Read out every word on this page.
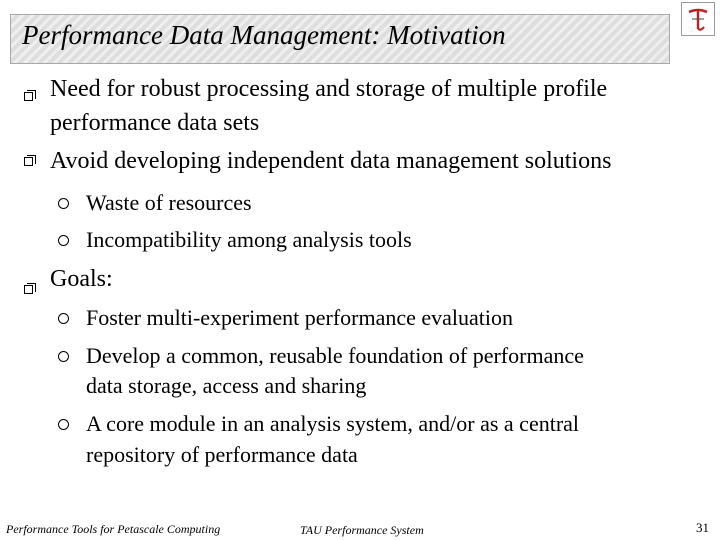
Performance Data Management: Motivation
Need for robust processing and storage of multiple profile
performance data sets
Avoid developing independent data management solutions
Waste of resources
Incompatibility among analysis tools
Goals:
Foster multi-experiment performance evaluation
Develop a common, reusable foundation of performance
data storage, access and sharing
A core module in an analysis system, and/or as a central
repository of performance data
Performance Tools for Petascale Computing	TAU Performance System	31
